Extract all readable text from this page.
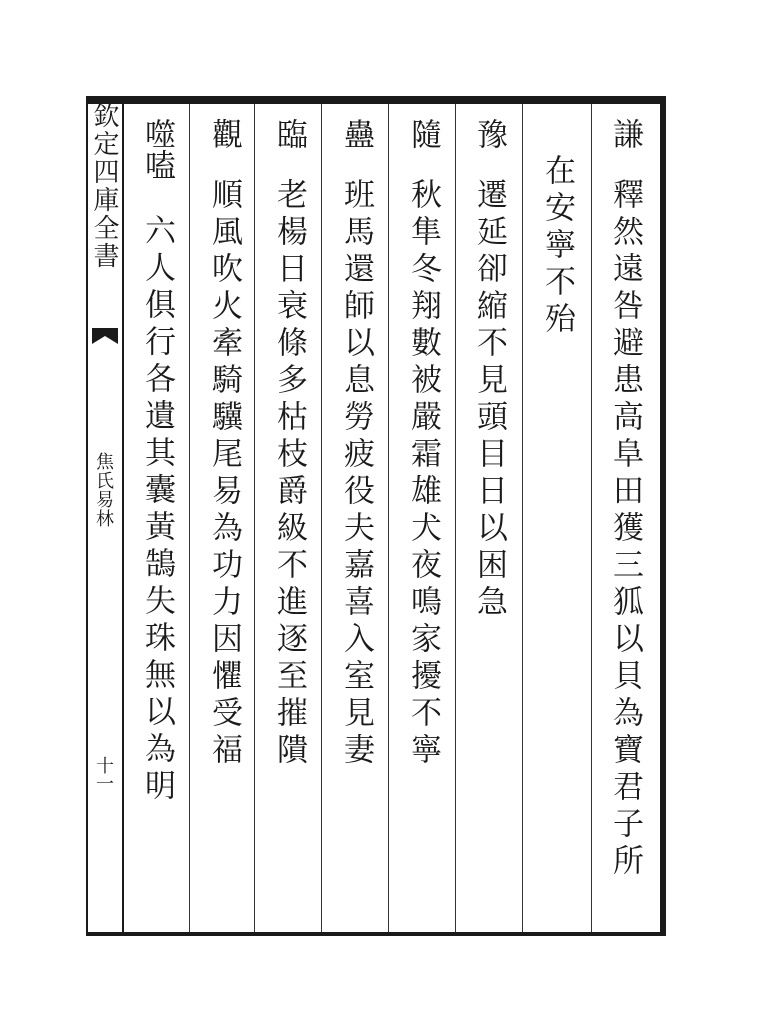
欽定四庫全書
焦氏易林
十一
謙
釋然遠咎避患高阜田獲三狐以貝為寶君子所
在安寧不殆
豫
遷延卻縮不見頭目日以困急
隨
秋隼冬翔數被嚴霜雄犬夜鳴家擾不寧
蠱
班馬還師以息勞疲役夫嘉喜入室見妻
臨
老楊日衰條多枯枝爵級不進逐至摧隤
觀
順風吹火牽騎驥尾易為功力因懼受福
噬嗑
六人俱行各遺其囊黃鵠失珠無以為明
